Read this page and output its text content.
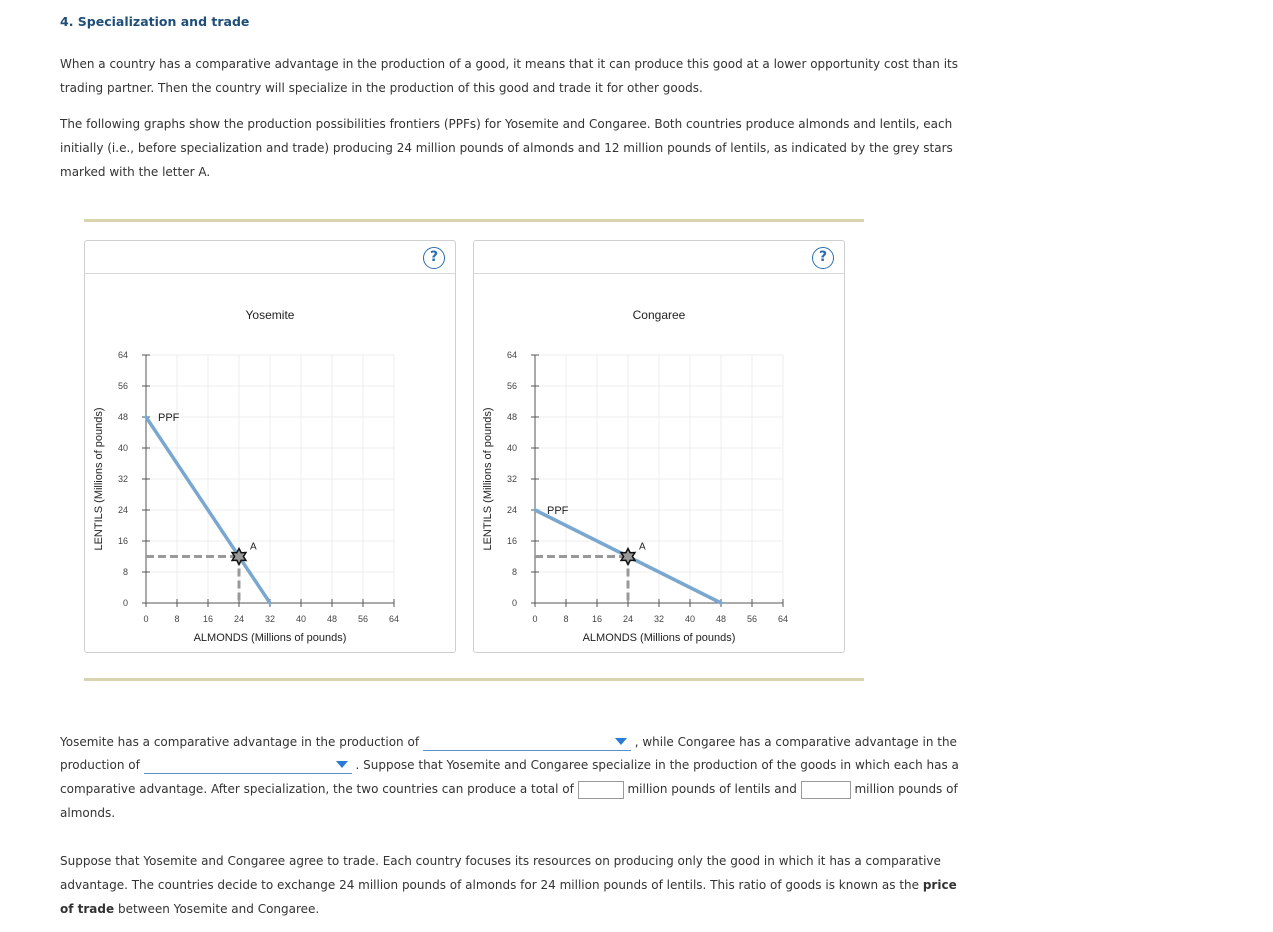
4. Specialization and trade
When a country has a comparative advantage in the production of a good, it means that it can produce this good at a lower opportunity cost than its trading partner. Then the country will specialize in the production of this good and trade it for other goods.
The following graphs show the production possibilities frontiers (PPFs) for Yosemite and Congaree. Both countries produce almonds and lentils, each initially (i.e., before specialization and trade) producing 24 million pounds of almonds and 12 million pounds of lentils, as indicated by the grey stars marked with the letter A.
?
Yosemite
0	8	16 24 32 40 48 56 64
0
8
16
24
32
40
48
56
64
ALMONDS (Millions of pounds)
LENTILS (Millions of pounds)	PPF
A
?
Congaree
0	8	16 24 32 40 48 56 64
0
8
16
24
32
40
48
56
64
ALMONDS (Millions of pounds)
LENTILS (Millions of pounds)	PPF
A
Yosemite has a comparative advantage in the production of	, while Congaree has a comparative advantage in the
production of	. Suppose that Yosemite and Congaree specialize in the production of the goods in which each has a
comparative advantage. After specialization, the two countries can produce a total of	million pounds of lentils and	million pounds of
almonds.
Suppose that Yosemite and Congaree agree to trade. Each country focuses its resources on producing only the good in which it has a comparative
advantage. The countries decide to exchange 24 million pounds of almonds for 24 million pounds of lentils. This ratio of goods is known as the price
of trade between Yosemite and Congaree.
